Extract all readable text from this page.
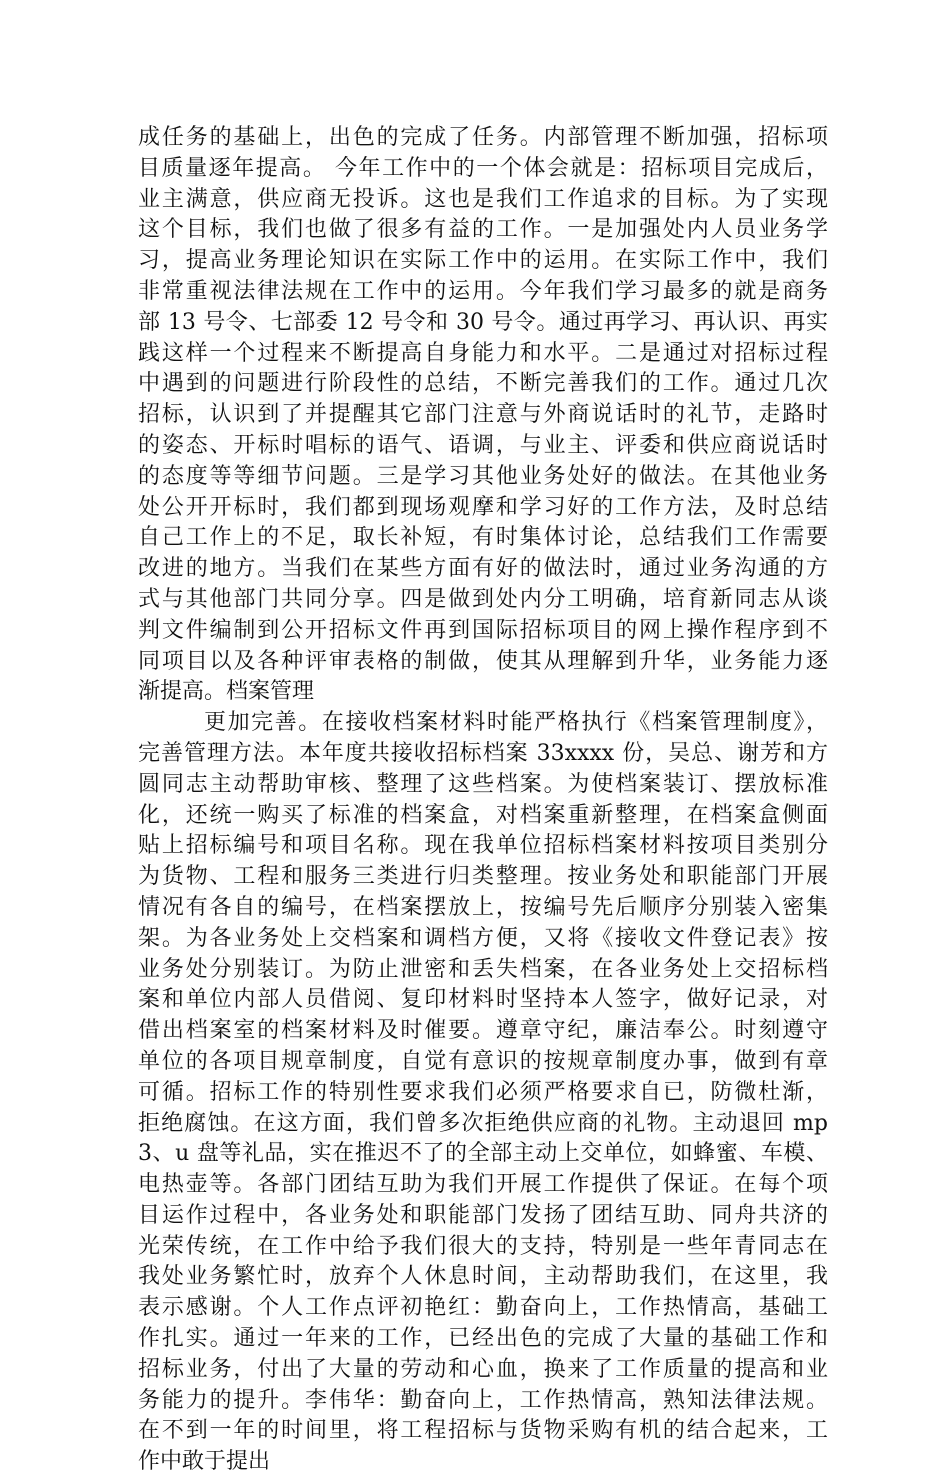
成任务的基础上，出色的完成了任务。内部管理不断加强，招标项
目质量逐年提高。 今年工作中的一个体会就是：招标项目完成后，
业主满意，供应商无投诉。这也是我们工作追求的目标。为了实现
这个目标，我们也做了很多有益的工作。一是加强处内人员业务学
习，提高业务理论知识在实际工作中的运用。在实际工作中，我们
非常重视法律法规在工作中的运用。今年我们学习最多的就是商务
部 13 号令、七部委 12 号令和 30 号令。通过再学习、再认识、再实
践这样一个过程来不断提高自身能力和水平。二是通过对招标过程
中遇到的问题进行阶段性的总结，不断完善我们的工作。通过几次
招标，认识到了并提醒其它部门注意与外商说话时的礼节，走路时
的姿态、开标时唱标的语气、语调，与业主、评委和供应商说话时
的态度等等细节问题。三是学习其他业务处好的做法。在其他业务
处公开开标时，我们都到现场观摩和学习好的工作方法，及时总结
自己工作上的不足，取长补短，有时集体讨论，总结我们工作需要
改进的地方。当我们在某些方面有好的做法时，通过业务沟通的方
式与其他部门共同分享。四是做到处内分工明确，培育新同志从谈
判文件编制到公开招标文件再到国际招标项目的网上操作程序到不
同项目以及各种评审表格的制做，使其从理解到升华，业务能力逐
渐提高。档案管理
更加完善。在接收档案材料时能严格执行《档案管理制度》，
完善管理方法。本年度共接收招标档案 33xxxx 份，吴总、谢芳和方
圆同志主动帮助审核、整理了这些档案。为使档案装订、摆放标准
化，还统一购买了标准的档案盒，对档案重新整理，在档案盒侧面
贴上招标编号和项目名称。现在我单位招标档案材料按项目类别分
为货物、工程和服务三类进行归类整理。按业务处和职能部门开展
情况有各自的编号，在档案摆放上，按编号先后顺序分别装入密集
架。为各业务处上交档案和调档方便，又将《接收文件登记表》按
业务处分别装订。为防止泄密和丢失档案，在各业务处上交招标档
案和单位内部人员借阅、复印材料时坚持本人签字，做好记录，对
借出档案室的档案材料及时催要。遵章守纪，廉洁奉公。时刻遵守
单位的各项目规章制度，自觉有意识的按规章制度办事，做到有章
可循。招标工作的特别性要求我们必须严格要求自已，防微杜渐，
拒绝腐蚀。在这方面，我们曾多次拒绝供应商的礼物。主动退回 mp
3、u 盘等礼品，实在推迟不了的全部主动上交单位，如蜂蜜、车模、
电热壶等。各部门团结互助为我们开展工作提供了保证。在每个项
目运作过程中，各业务处和职能部门发扬了团结互助、同舟共济的
光荣传统，在工作中给予我们很大的支持，特别是一些年青同志在
我处业务繁忙时，放弃个人休息时间，主动帮助我们，在这里，我
表示感谢。个人工作点评初艳红：勤奋向上，工作热情高，基础工
作扎实。通过一年来的工作，已经出色的完成了大量的基础工作和
招标业务，付出了大量的劳动和心血，换来了工作质量的提高和业
务能力的提升。李伟华：勤奋向上，工作热情高，熟知法律法规。
在不到一年的时间里，将工程招标与货物采购有机的结合起来，工
作中敢于提出
